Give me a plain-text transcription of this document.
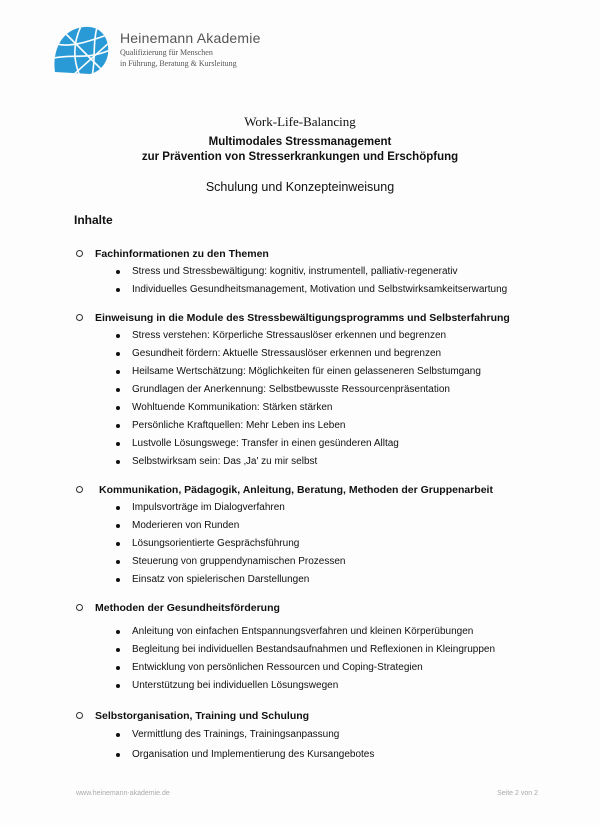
Heinemann Akademie
Qualifizierung für Menschen
in Führung, Beratung & Kursleitung
Work-Life-Balancing
Multimodales Stressmanagement
zur Prävention von Stresserkrankungen und Erschöpfung
Schulung und Konzepteinweisung
Inhalte
Fachinformationen zu den Themen
Stress und Stressbewältigung: kognitiv, instrumentell, palliativ-regenerativ
Individuelles Gesundheitsmanagement, Motivation und Selbstwirksamkeitserwartung
Einweisung in die Module des Stressbewältigungsprogramms und Selbsterfahrung
Stress verstehen: Körperliche Stressauslöser erkennen und begrenzen
Gesundheit fördern: Aktuelle Stressauslöser erkennen und begrenzen
Heilsame Wertschätzung: Möglichkeiten für einen gelasseneren Selbstumgang
Grundlagen der Anerkennung: Selbstbewusste Ressourcenpräsentation
Wohltuende Kommunikation: Stärken stärken
Persönliche Kraftquellen: Mehr Leben ins Leben
Lustvolle Lösungswege: Transfer in einen gesünderen Alltag
Selbstwirksam sein: Das ‚Ja' zu mir selbst
Kommunikation, Pädagogik, Anleitung, Beratung, Methoden der Gruppenarbeit
Impulsvorträge im Dialogverfahren
Moderieren von Runden
Lösungsorientierte Gesprächsführung
Steuerung von gruppendynamischen Prozessen
Einsatz von spielerischen Darstellungen
Methoden der Gesundheitsförderung
Anleitung von einfachen Entspannungsverfahren und kleinen Körperübungen
Begleitung bei individuellen Bestandsaufnahmen und Reflexionen in Kleingruppen
Entwicklung von persönlichen Ressourcen und Coping-Strategien
Unterstützung bei individuellen Lösungswegen
Selbstorganisation, Training und Schulung
Vermittlung des Trainings, Trainingsanpassung
Organisation und Implementierung des Kursangebotes
www.heinemann-akademie.de	Seite 2 von 2
